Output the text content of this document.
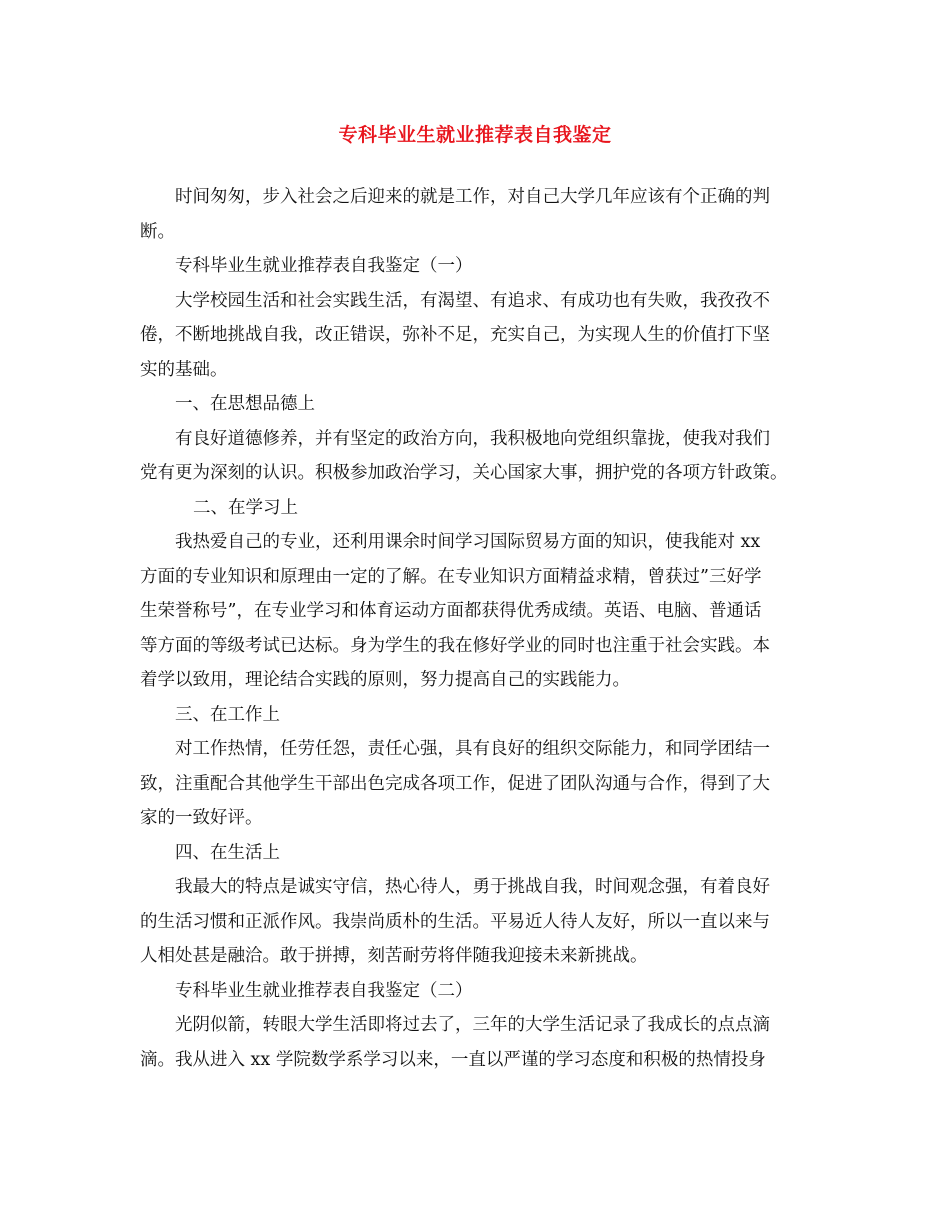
专科毕业生就业推荐表自我鉴定
时间匆匆，步入社会之后迎来的就是工作，对自己大学几年应该有个正确的判
断。
专科毕业生就业推荐表自我鉴定（一）
大学校园生活和社会实践生活，有渴望、有追求、有成功也有失败，我孜孜不
倦，不断地挑战自我，改正错误，弥补不足，充实自己，为实现人生的价值打下坚
实的基础。
一、在思想品德上
有良好道德修养，并有坚定的政治方向，我积极地向党组织靠拢，使我对我们
党有更为深刻的认识。积极参加政治学习，关心国家大事，拥护党的各项方针政策。
二、在学习上
我热爱自己的专业，还利用课余时间学习国际贸易方面的知识，使我能对 xx
方面的专业知识和原理由一定的了解。在专业知识方面精益求精，曾获过”三好学
生荣誉称号”，在专业学习和体育运动方面都获得优秀成绩。英语、电脑、普通话
等方面的等级考试已达标。身为学生的我在修好学业的同时也注重于社会实践。本
着学以致用，理论结合实践的原则，努力提高自己的实践能力。
三、在工作上
对工作热情，任劳任怨，责任心强，具有良好的组织交际能力，和同学团结一
致，注重配合其他学生干部出色完成各项工作，促进了团队沟通与合作，得到了大
家的一致好评。
四、在生活上
我最大的特点是诚实守信，热心待人，勇于挑战自我，时间观念强，有着良好
的生活习惯和正派作风。我崇尚质朴的生活。平易近人待人友好，所以一直以来与
人相处甚是融洽。敢于拼搏，刻苦耐劳将伴随我迎接未来新挑战。
专科毕业生就业推荐表自我鉴定（二）
光阴似箭，转眼大学生活即将过去了，三年的大学生活记录了我成长的点点滴
滴。我从进入 xx 学院数学系学习以来，一直以严谨的学习态度和积极的热情投身
